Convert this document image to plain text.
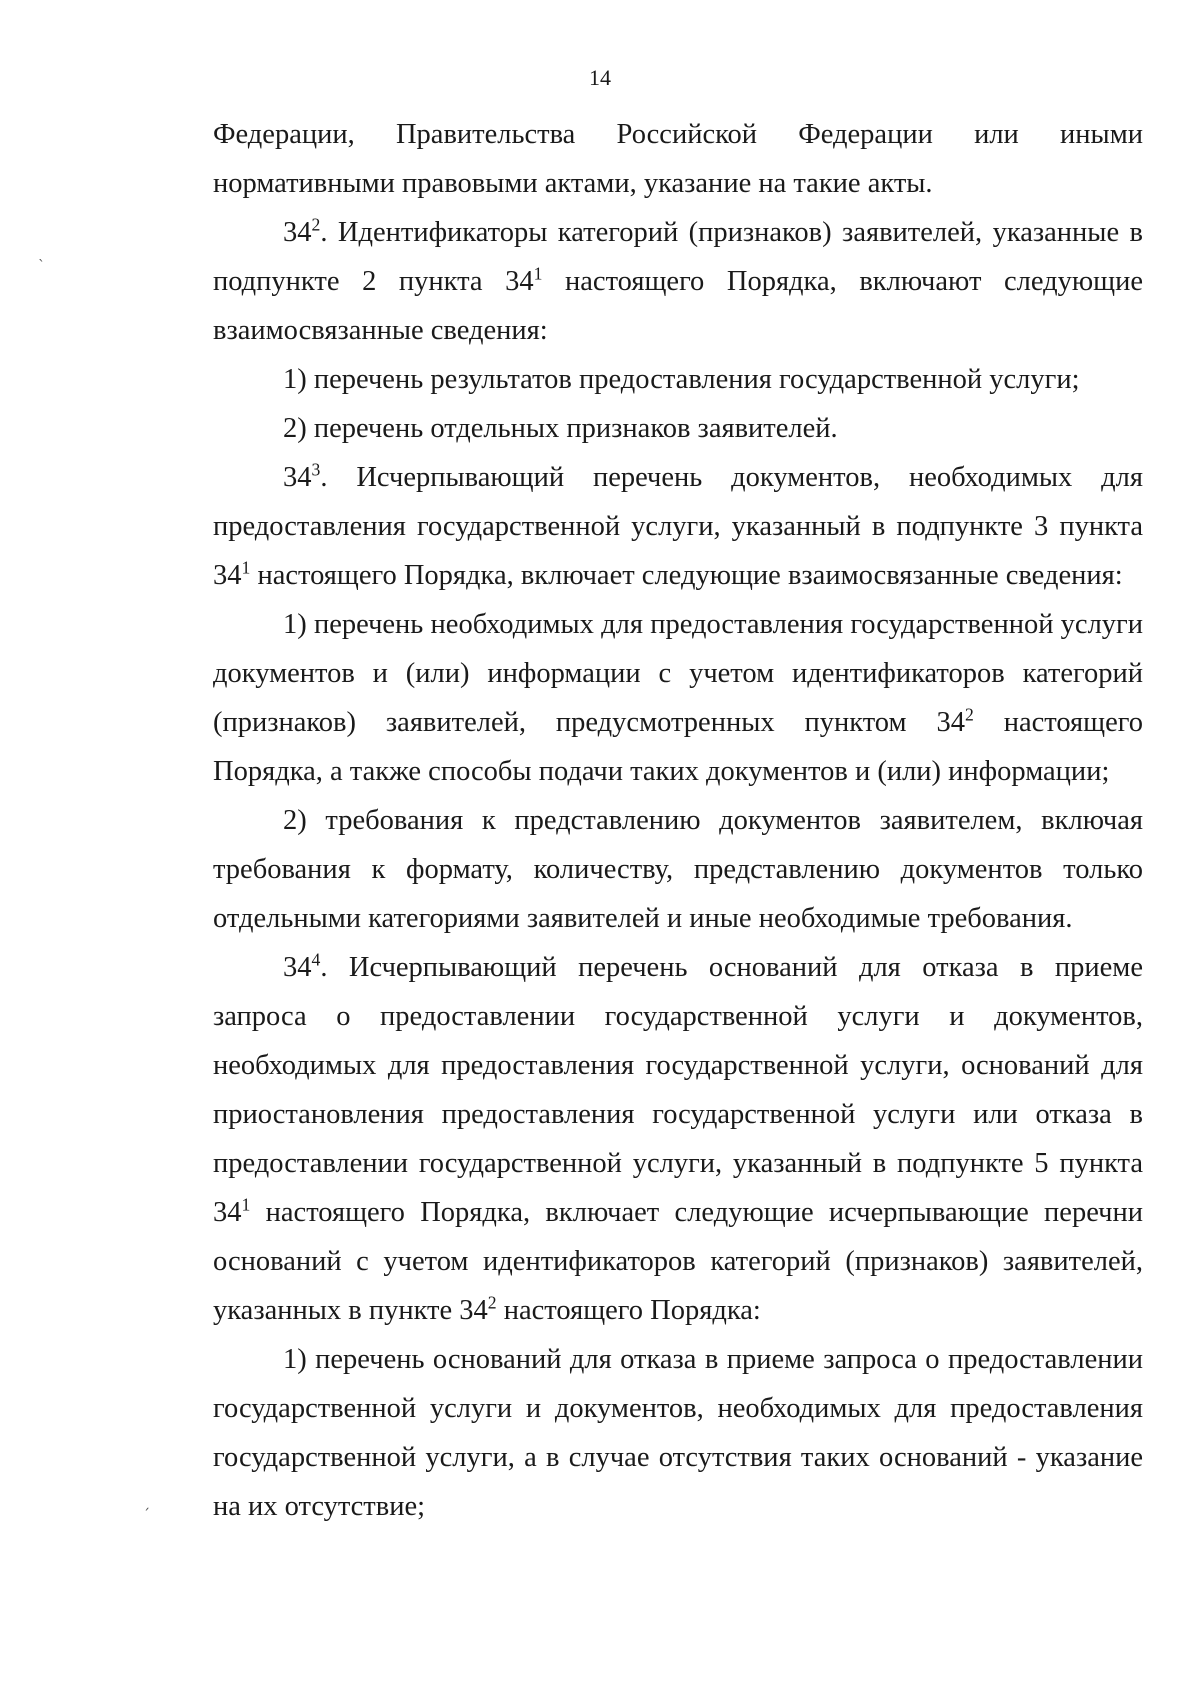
14

Федерации, Правительства Российской Федерации или иными нормативными правовыми актами, указание на такие акты.

$34^2$. Идентификаторы категорий (признаков) заявителей, указанные в подпункте 2 пункта $34^1$ настоящего Порядка, включают следующие взаимосвязанные сведения:

1) перечень результатов предоставления государственной услуги;

2) перечень отдельных признаков заявителей.

$34^3$. Исчерпывающий перечень документов, необходимых для предоставления государственной услуги, указанный в подпункте 3 пункта $34^1$ настоящего Порядка, включает следующие взаимосвязанные сведения:

1) перечень необходимых для предоставления государственной услуги документов и (или) информации с учетом идентификаторов категорий (признаков) заявителей, предусмотренных пунктом $34^2$ настоящего Порядка, а также способы подачи таких документов и (или) информации;

2) требования к представлению документов заявителем, включая требования к формату, количеству, представлению документов только отдельными категориями заявителей и иные необходимые требования.

$34^4$. Исчерпывающий перечень оснований для отказа в приеме запроса о предоставлении государственной услуги и документов, необходимых для предоставления государственной услуги, оснований для приостановления предоставления государственной услуги или отказа в предоставлении государственной услуги, указанный в подпункте 5 пункта $34^1$ настоящего Порядка, включает следующие исчерпывающие перечни оснований с учетом идентификаторов категорий (признаков) заявителей, указанных в пункте $34^2$ настоящего Порядка:

1) перечень оснований для отказа в приеме запроса о предоставлении государственной услуги и документов, необходимых для предоставления государственной услуги, а в случае отсутствия таких оснований - указание на их отсутствие;

ˎ
ˏ
